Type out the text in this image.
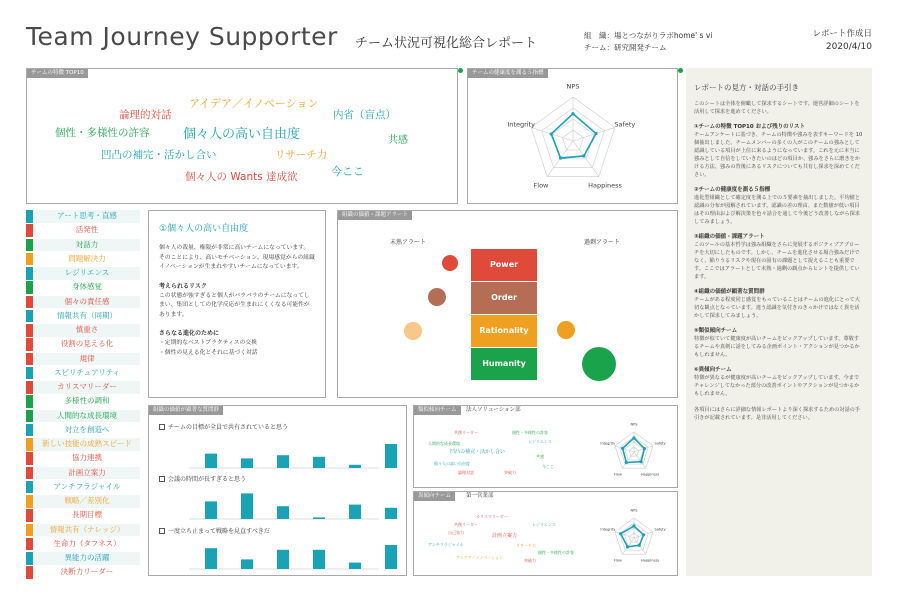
Team Journey Supporter チーム状況可視化総合レポート
組　織：場とつながりラボhome' s vi
チーム：研究開発チーム
レポート作成日
2020/4/10
チームの特徴 TOP10
アイデア／イノベーション
論理的対話	内省（盲点）
個性・多様性の許容	個々人の高い自由度	共感
凹凸の補完・活かし合い	リサーチ力
今ここ
個々人の Wants 達成欲
チームの健康度を測る５指標
NPS
Safety
Happiness
Flow
Integrity
アート思考・直感
活発性
対話力
問題解決力
レジリエンス
身体感覚
個々の責任感
情報共有（同期）
慎重さ
役割の見える化
規律
スピリチュアリティ
カリスマリーダー
多様性の調和
人間的な成長環境
対立を創造へ
新しい技能の成熟スピード
協力連携
計画立案力
アンチフラジャイル
戦略／差別化
長期目標
情報共有（ナレッジ）
生命力（タフネス）
異能力の活躍
決断力リーダー
①個々人の高い自由度
個々人の裁量、権限が非常に高いチームになっています。そのことにより、高いモチベーション、現場感覚からの組織イノベーションが生まれやすいチームになっています。
考えられるリスク
この状態が強すぎると個人がバラバラのチームになってしまい、集団としての化学反応が生まれにくくなる可能性があります。
さらなる進化のために
・定期的なベストプラクティスの交換
・個性の見える化とそれに基づく対話
組織の価値・課題アラート
未熟アラート	過剰アラート
Power
Order
Rationality
Humanity
組織の価値が顕著な質問群
チームの目標が全員で共有されていると思う
会議の時間が長すぎると思う
一度立ち止まって戦略を見直すべきだ
類似傾向チーム	法人ソリューション部
共創リーダー	個性・多様性の許容
人間的な成長環境	レジリエンス
凹凸の補完・活かし合い
共感
個々人の高い自由度
論理対話
今ここ
突破力
NPS
Safety
Happiness
Flow
Integrity
異傾向チーム	第一営業部
カリスマリーダー
共創リーダー	レジリエンス
自己効力
計画立案力
アンチフラジャイル	リサーチ力
個性・多様性の許容
アイデア／イノベーション
突破力
NPS
Safety
Happiness
Flow
Integrity
レポートの見方・対話の手引き
このシートは全体を俯瞰して探求するシートです。運営詳細のシートを活用して探求を進めてください。
①チームの特徴 TOP10 および残りのリスト
チームアンケートに基づき、チームの特徴や強みを表すキーワードを 10 個抽出しました。チームメンバーの多くの人がこのチームの強みとして認識している項目が上位に来るようになっています。これを元に本当に強みとして自信をしていきたいのはどの項目か、強みをさらに磨きをかける方法、強みの背後にあるリスクについても共有し探求を深めてください。
②チームの健康度を測る５指標
進化型組織として確定度を測る上での５要素を抽出しました。平均値と認識の分布が図解されています。認識の差の理由、また数値が低い項目はその理由および解決策を色々話合を通して今後どう改善しながら探求してみましょう。
③組織の価値・課題アラート
このツールの基本哲学は強み組織をさらに発展するポジティブアプローチを大切にしたものです。しかし、チームを進化させる場合強みだけでなく、陥りうるリスクや現在の固有の課題として捉えることも重要です。ここではアラートとして未熟・過剰の観点からヒントを提供しています。
④組織の価値が顕著な質問群
チームがある程度同じ感覚をもっていることはチームの進化にとって大切な観点となっています。違う認識を気付きのきっかけではなく異を活かして探求してみましょう。
⑤類似傾向チーム
特徴が似ていて健康度が高いチームをピックアップしています。尊敬するチームや真剣に話をしてみる企画ポイント・アクションが見つかるかもしれません。
⑥異傾向チーム
特徴が異なるが健康度が高いチームをピックアップしています。今までチャレンジしてなかった部分の改善ポイントやアクションが見つかるかもしれません。
各項目にはさらに詳細な情報レポートより深く探求するための対話の手引きが記載されています。是非活用してください。
